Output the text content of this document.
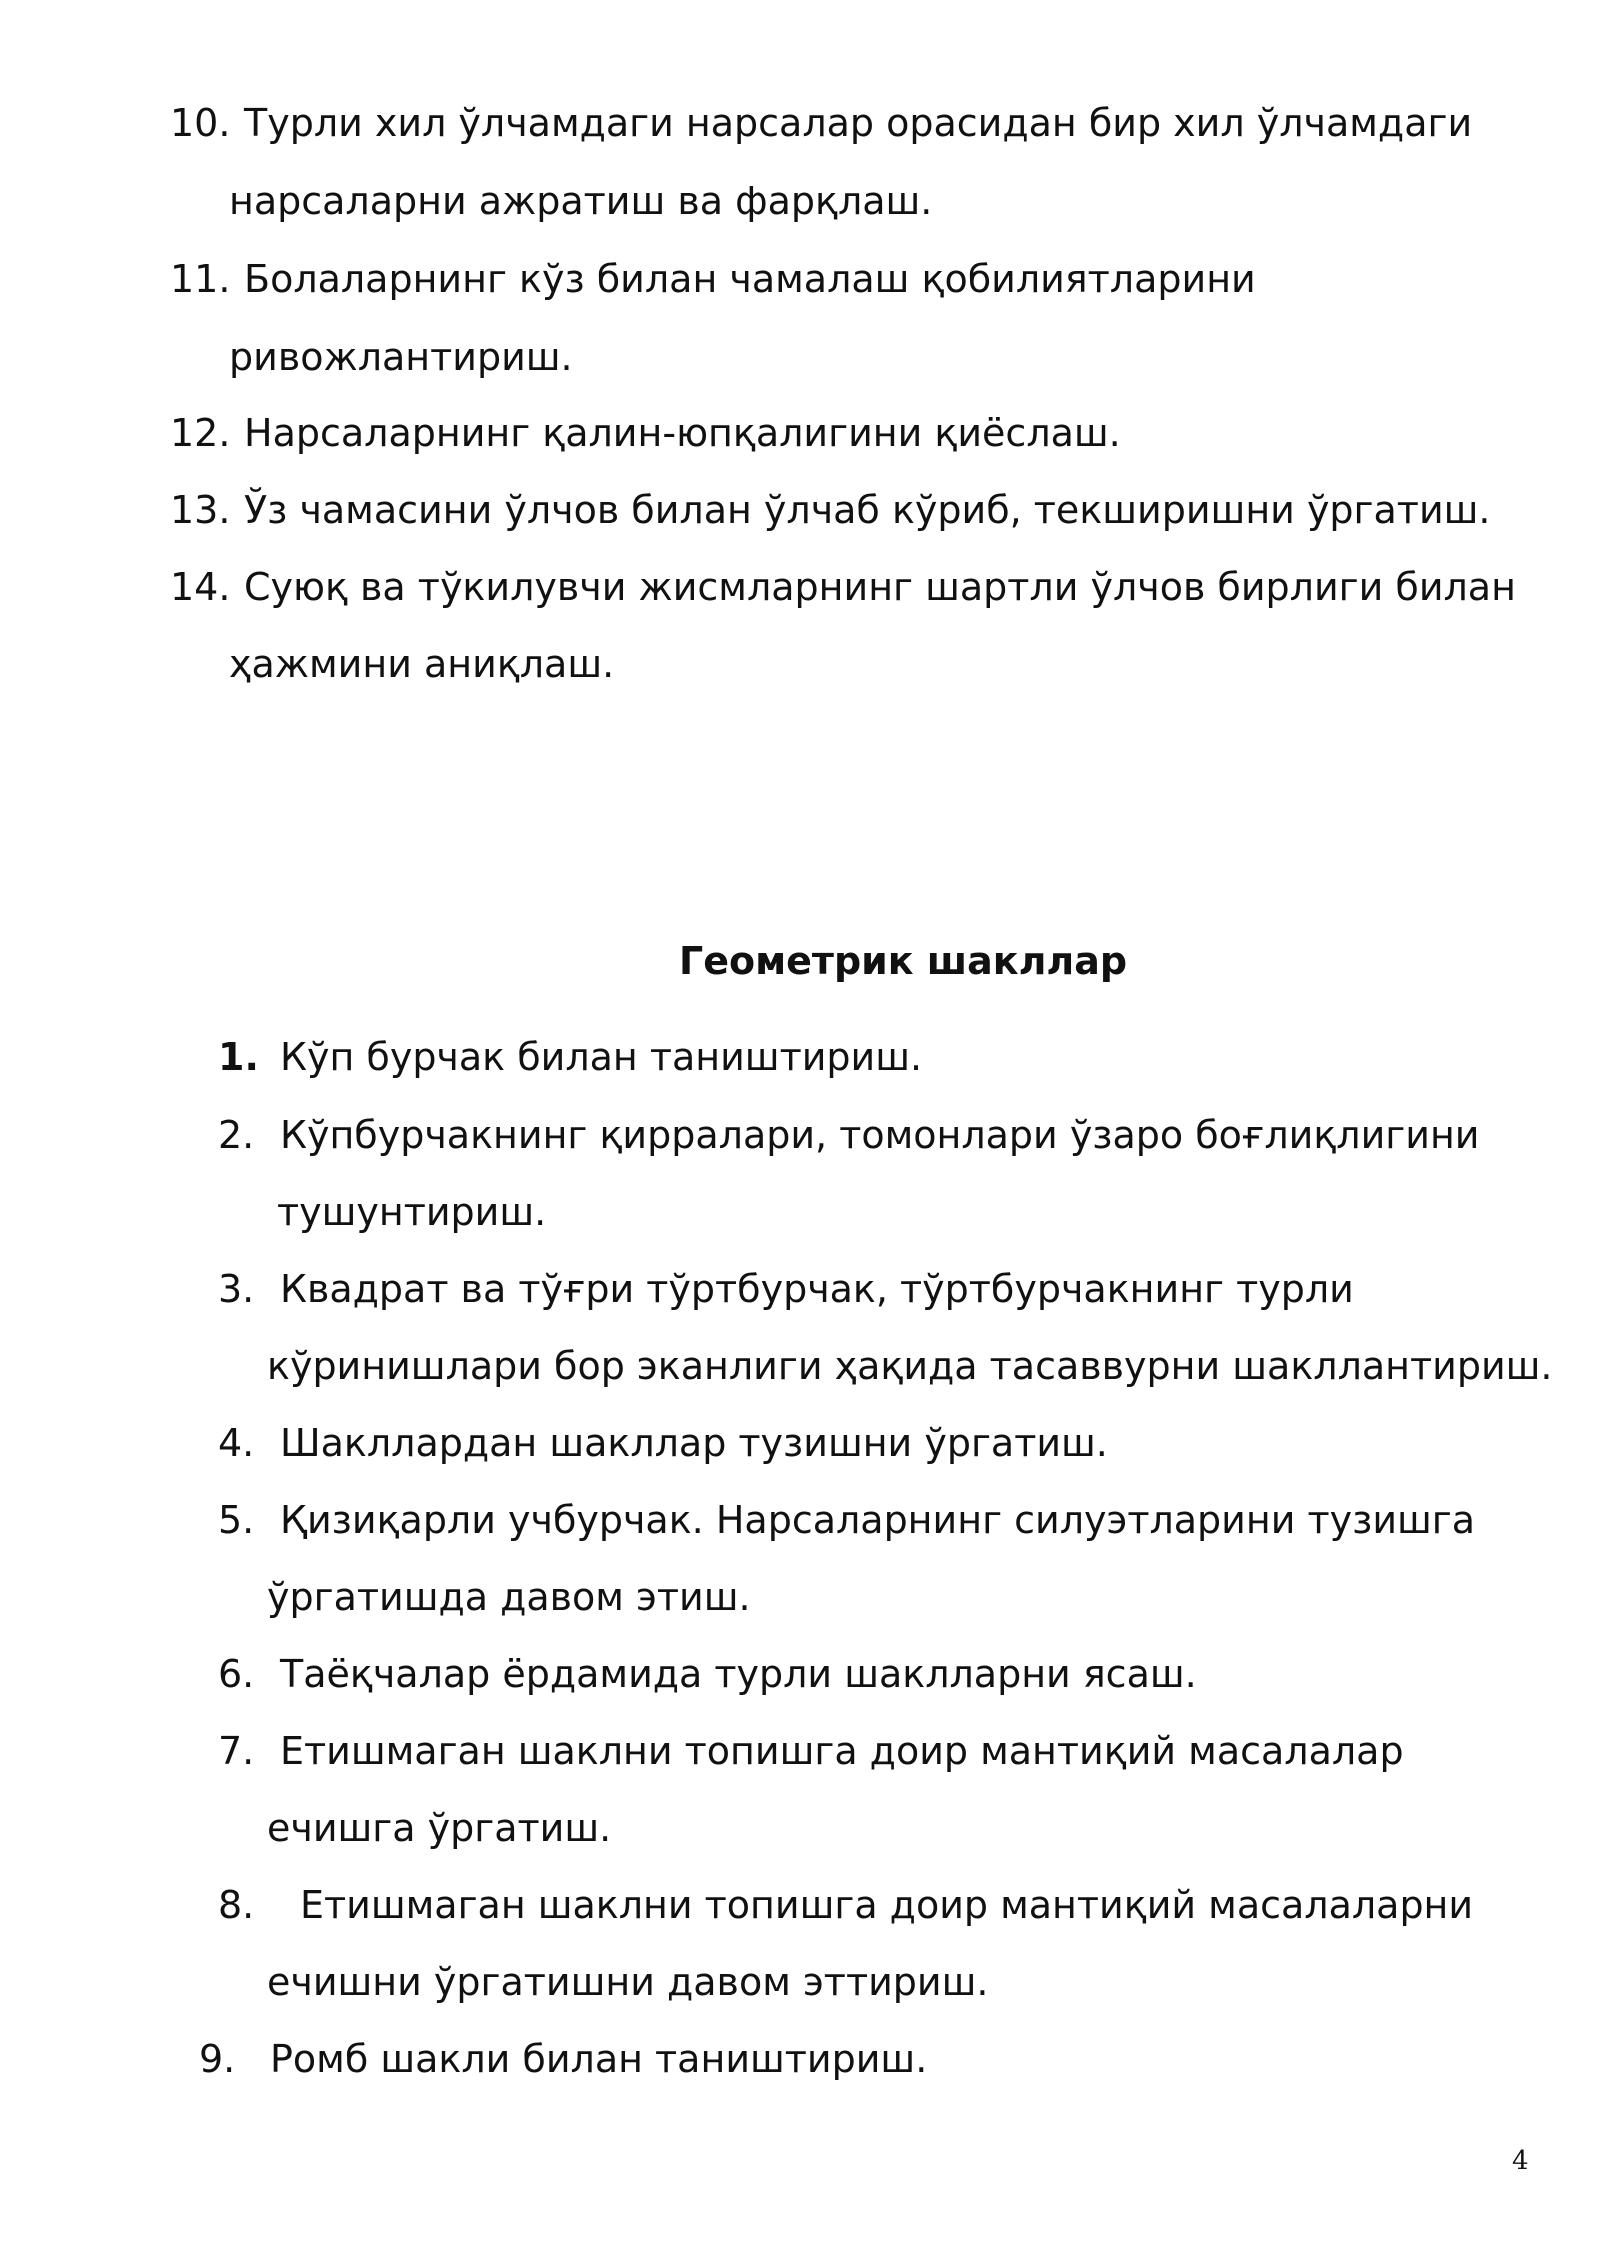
10. Турли хил ўлчамдаги нарсалар орасидан бир хил ўлчамдаги
нарсаларни ажратиш ва фарқлаш.
11. Болаларнинг кўз билан чамалаш қобилиятларини
ривожлантириш.
12. Нарсаларнинг қалин-юпқалигини қиёслаш.
13. Ўз чамасини ўлчов билан ўлчаб кўриб, текширишни ўргатиш.
14. Суюқ ва тўкилувчи жисмларнинг шартли ўлчов бирлиги билан
ҳажмини аниқлаш.
Геометрик шакллар
1. Кўп бурчак билан таништириш.
2. Кўпбурчакнинг қирралари, томонлари ўзаро боғлиқлигини
тушунтириш.
3. Квадрат ва тўғри тўртбурчак, тўртбурчакнинг турли
кўринишлари бор эканлиги ҳақида тасаввурни шакллантириш.
4. Шакллардан шакллар тузишни ўргатиш.
5. Қизиқарли учбурчак. Нарсаларнинг силуэтларини тузишга
ўргатишда давом этиш.
6. Таёқчалар ёрдамида турли шаклларни ясаш.
7. Етишмаган шаклни топишга доир мантиқий масалалар
ечишга ўргатиш.
8. Етишмаган шаклни топишга доир мантиқий масалаларни
ечишни ўргатишни давом эттириш.
9. Ромб шакли билан таништириш.
4
